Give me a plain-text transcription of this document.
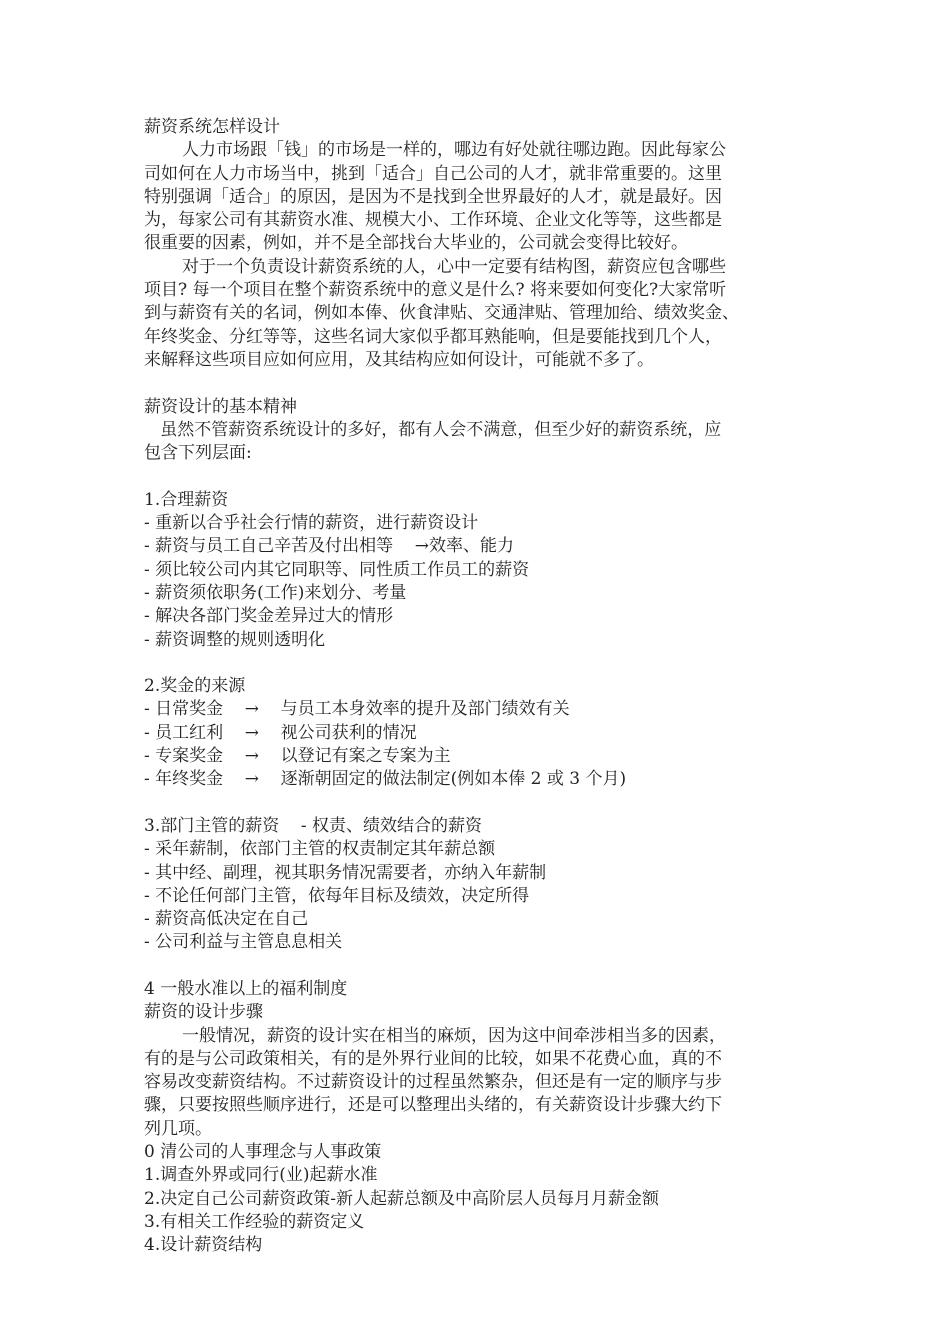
薪资系统怎样设计

人力市场跟「钱」的市场是一样的，哪边有好处就往哪边跑。因此每家公

司如何在人力市场当中，挑到「适合」自己公司的人才，就非常重要的。这里

特别强调「适合」的原因，是因为不是找到全世界最好的人才，就是最好。因

为，每家公司有其薪资水准、规模大小、工作环境、企业文化等等，这些都是

很重要的因素，例如，并不是全部找台大毕业的，公司就会变得比较好。

对于一个负责设计薪资系统的人，心中一定要有结构图，薪资应包含哪些

项目? 每一个项目在整个薪资系统中的意义是什么? 将来要如何变化?大家常听

到与薪资有关的名词，例如本俸、伙食津贴、交通津贴、管理加给、绩效奖金、

年终奖金、分红等等，这些名词大家似乎都耳熟能响，但是要能找到几个人，

来解释这些项目应如何应用，及其结构应如何设计，可能就不多了。

薪资设计的基本精神

虽然不管薪资系统设计的多好，都有人会不满意，但至少好的薪资系统，应

包含下列层面:

1.合理薪资

- 重新以合乎社会行情的薪资，进行薪资设计

- 薪资与员工自己辛苦及付出相等    →效率、能力

- 须比较公司内其它同职等、同性质工作员工的薪资

- 薪资须依职务(工作)来划分、考量

- 解决各部门奖金差异过大的情形

- 薪资调整的规则透明化

2.奖金的来源

- 日常奖金    →    与员工本身效率的提升及部门绩效有关

- 员工红利    →    视公司获利的情况

- 专案奖金    →    以登记有案之专案为主

- 年终奖金    →    逐渐朝固定的做法制定(例如本俸 2 或 3 个月)

3.部门主管的薪资    - 权责、绩效结合的薪资

- 采年薪制，依部门主管的权责制定其年薪总额

- 其中经、副理，视其职务情况需要者，亦纳入年薪制

- 不论任何部门主管，依每年目标及绩效，决定所得

- 薪资高低决定在自己

- 公司利益与主管息息相关

4 一般水准以上的福利制度

薪资的设计步骤

一般情况，薪资的设计实在相当的麻烦，因为这中间牵涉相当多的因素，

有的是与公司政策相关，有的是外界行业间的比较，如果不花费心血，真的不

容易改变薪资结构。不过薪资设计的过程虽然繁杂，但还是有一定的顺序与步

骤，只要按照些顺序进行，还是可以整理出头绪的，有关薪资设计步骤大约下

列几项。

0 清公司的人事理念与人事政策

1.调查外界或同行(业)起薪水准

2.决定自己公司薪资政策-新人起薪总额及中高阶层人员每月月薪金额

3.有相关工作经验的薪资定义

4.设计薪资结构
